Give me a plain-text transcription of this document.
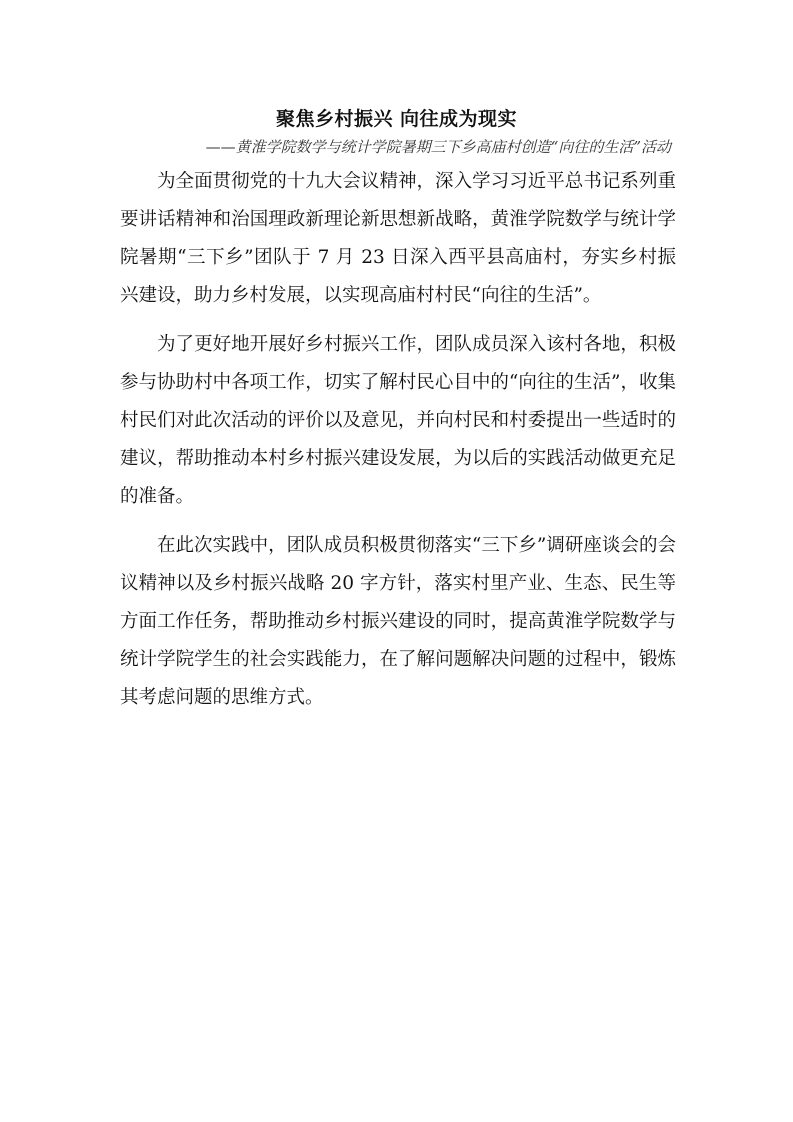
聚焦乡村振兴 向往成为现实
——黄淮学院数学与统计学院暑期三下乡高庙村创造“向往的生活”活动

为全面贯彻党的十九大会议精神，深入学习习近平总书记系列重要讲话精神和治国理政新理论新思想新战略，黄淮学院数学与统计学院暑期“三下乡”团队于 7 月 23 日深入西平县高庙村，夯实乡村振兴建设，助力乡村发展，以实现高庙村村民“向往的生活”。

为了更好地开展好乡村振兴工作，团队成员深入该村各地，积极参与协助村中各项工作，切实了解村民心目中的“向往的生活”，收集村民们对此次活动的评价以及意见，并向村民和村委提出一些适时的建议，帮助推动本村乡村振兴建设发展，为以后的实践活动做更充足的准备。

在此次实践中，团队成员积极贯彻落实“三下乡”调研座谈会的会议精神以及乡村振兴战略 20 字方针，落实村里产业、生态、民生等方面工作任务，帮助推动乡村振兴建设的同时，提高黄淮学院数学与统计学院学生的社会实践能力，在了解问题解决问题的过程中，锻炼其考虑问题的思维方式。
